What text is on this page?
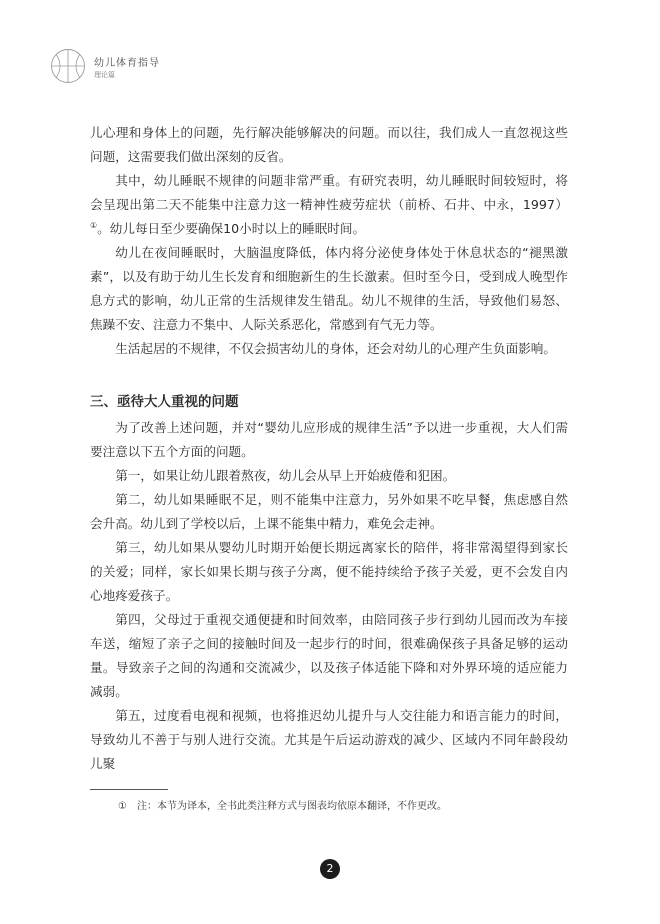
幼儿体育指导
理论篇

儿心理和身体上的问题，先行解决能够解决的问题。而以往，我们成人一直忽视这些问题，这需要我们做出深刻的反省。

其中，幼儿睡眠不规律的问题非常严重。有研究表明，幼儿睡眠时间较短时，将会呈现出第二天不能集中注意力这一精神性疲劳症状（前桥、石井、中永，1997）①。幼儿每日至少要确保10小时以上的睡眠时间。

幼儿在夜间睡眠时，大脑温度降低，体内将分泌使身体处于休息状态的“褪黑激素”，以及有助于幼儿生长发育和细胞新生的生长激素。但时至今日，受到成人晚型作息方式的影响，幼儿正常的生活规律发生错乱。幼儿不规律的生活，导致他们易怒、焦躁不安、注意力不集中、人际关系恶化，常感到有气无力等。

生活起居的不规律，不仅会损害幼儿的身体，还会对幼儿的心理产生负面影响。

三、亟待大人重视的问题

为了改善上述问题，并对“婴幼儿应形成的规律生活”予以进一步重视，大人们需要注意以下五个方面的问题。

第一，如果让幼儿跟着熬夜，幼儿会从早上开始疲倦和犯困。

第二，幼儿如果睡眠不足，则不能集中注意力，另外如果不吃早餐，焦虑感自然会升高。幼儿到了学校以后，上课不能集中精力，难免会走神。

第三，幼儿如果从婴幼儿时期开始便长期远离家长的陪伴，将非常渴望得到家长的关爱；同样，家长如果长期与孩子分离，便不能持续给予孩子关爱，更不会发自内心地疼爱孩子。

第四，父母过于重视交通便捷和时间效率，由陪同孩子步行到幼儿园而改为车接车送，缩短了亲子之间的接触时间及一起步行的时间，很难确保孩子具备足够的运动量。导致亲子之间的沟通和交流减少，以及孩子体适能下降和对外界环境的适应能力减弱。

第五，过度看电视和视频，也将推迟幼儿提升与人交往能力和语言能力的时间，导致幼儿不善于与别人进行交流。尤其是午后运动游戏的减少、区域内不同年龄段幼儿聚

① 注：本节为译本，全书此类注释方式与图表均依原本翻译，不作更改。
2
